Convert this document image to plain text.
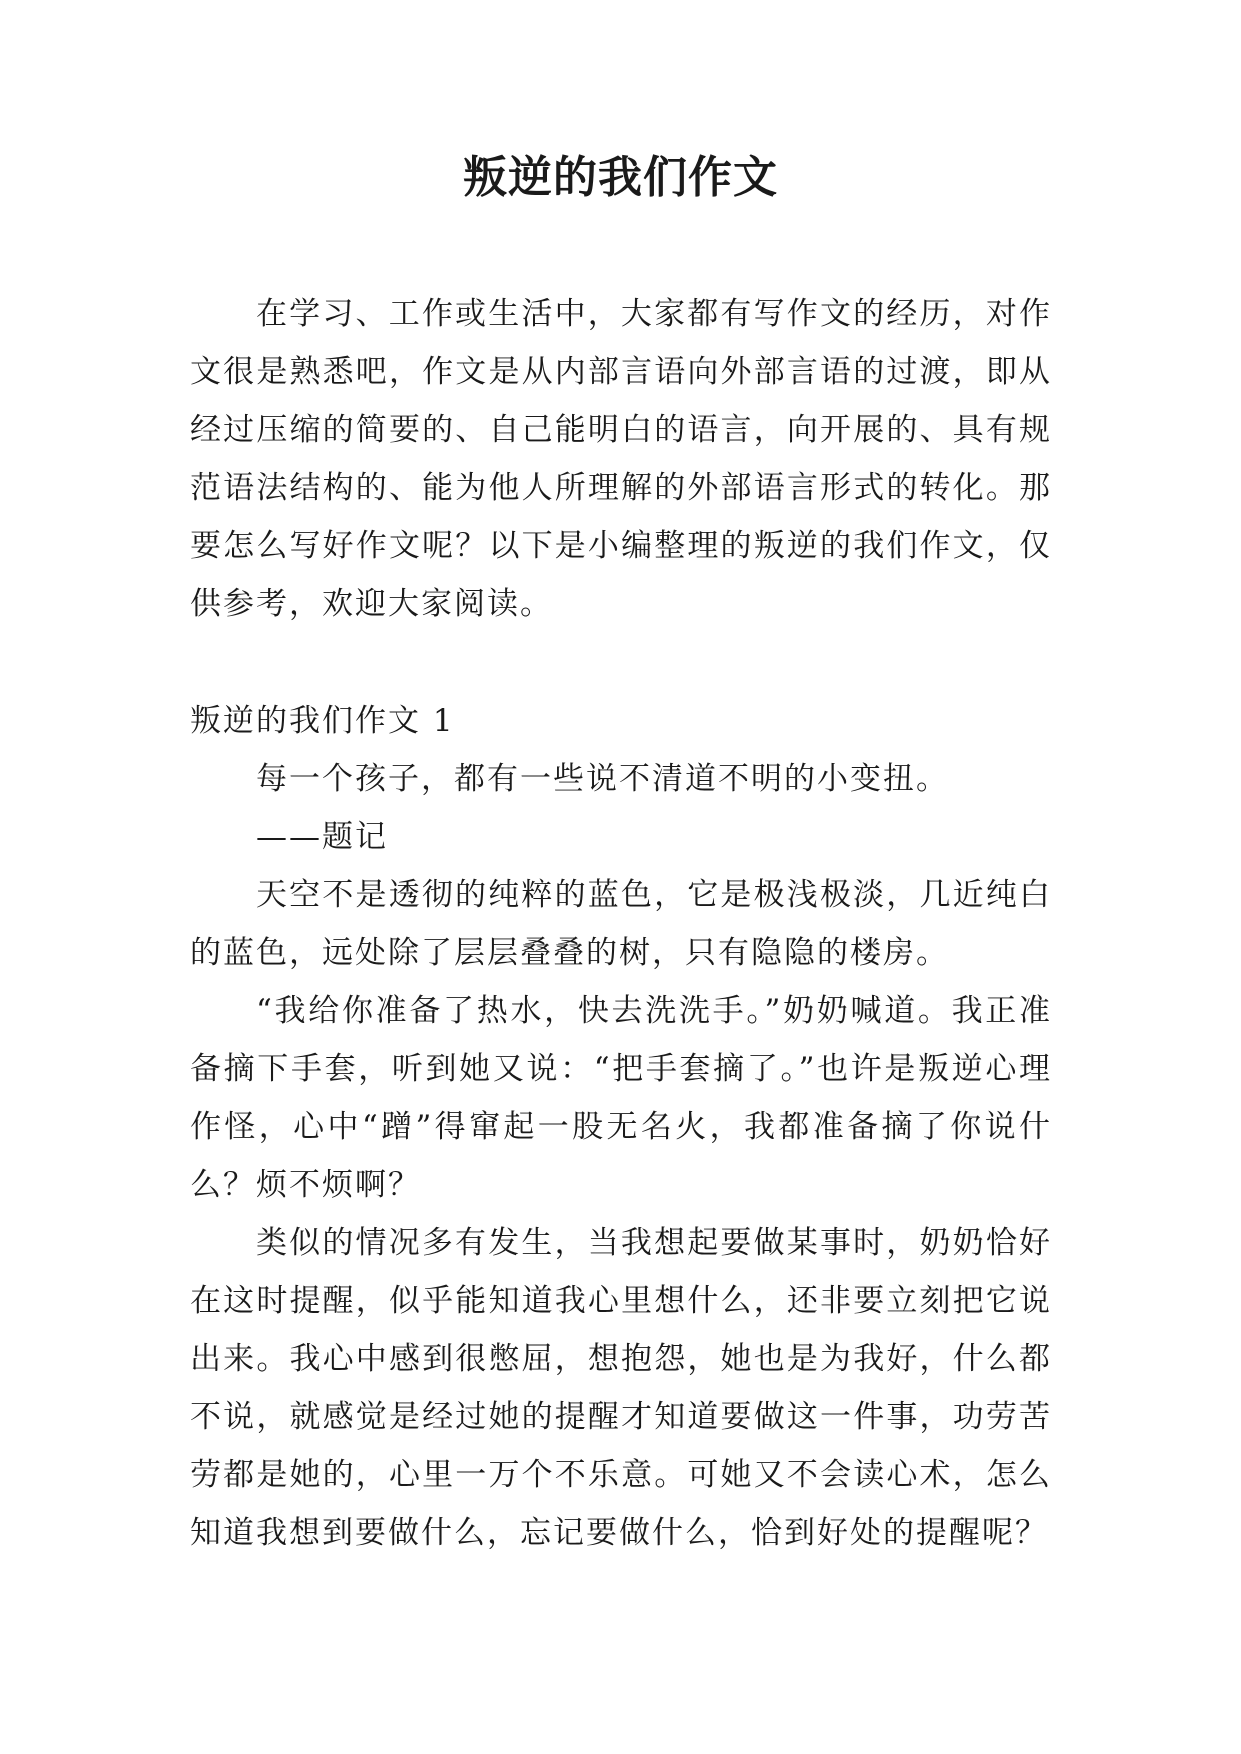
叛逆的我们作文

在学习、工作或生活中，大家都有写作文的经历，对作文很是熟悉吧，作文是从内部言语向外部言语的过渡，即从经过压缩的简要的、自己能明白的语言，向开展的、具有规范语法结构的、能为他人所理解的外部语言形式的转化。那要怎么写好作文呢？以下是小编整理的叛逆的我们作文，仅供参考，欢迎大家阅读。

叛逆的我们作文 1

每一个孩子，都有一些说不清道不明的小变扭。

——题记

天空不是透彻的纯粹的蓝色，它是极浅极淡，几近纯白的蓝色，远处除了层层叠叠的树，只有隐隐的楼房。

“我给你准备了热水，快去洗洗手。”奶奶喊道。我正准备摘下手套，听到她又说：“把手套摘了。”也许是叛逆心理作怪，心中“蹭”得窜起一股无名火，我都准备摘了你说什么？烦不烦啊？

类似的情况多有发生，当我想起要做某事时，奶奶恰好在这时提醒，似乎能知道我心里想什么，还非要立刻把它说出来。我心中感到很憋屈，想抱怨，她也是为我好，什么都不说，就感觉是经过她的提醒才知道要做这一件事，功劳苦劳都是她的，心里一万个不乐意。可她又不会读心术，怎么知道我想到要做什么，忘记要做什么，恰到好处的提醒呢？
